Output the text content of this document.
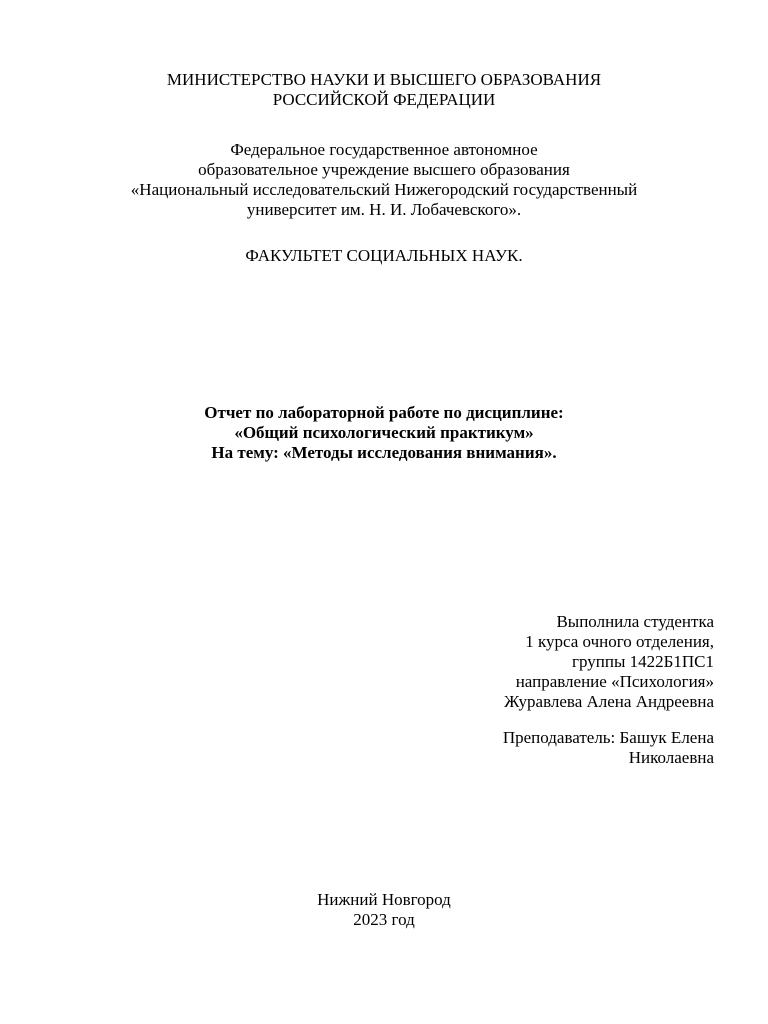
МИНИСТЕРСТВО НАУКИ И ВЫСШЕГО ОБРАЗОВАНИЯ
РОССИЙСКОЙ ФЕДЕРАЦИИ
Федеральное государственное автономное
образовательное учреждение высшего образования
«Национальный исследовательский Нижегородский государственный
университет им. Н. И. Лобачевского».
ФАКУЛЬТЕТ СОЦИАЛЬНЫХ НАУК.
Отчет по лабораторной работе по дисциплине:
«Общий психологический практикум»
На тему: «Методы исследования внимания».
Выполнила студентка
1 курса очного отделения,
группы 1422Б1ПС1
направление «Психология»
Журавлева Алена Андреевна
Преподаватель: Башук Елена
Николаевна
Нижний Новгород
2023 год
